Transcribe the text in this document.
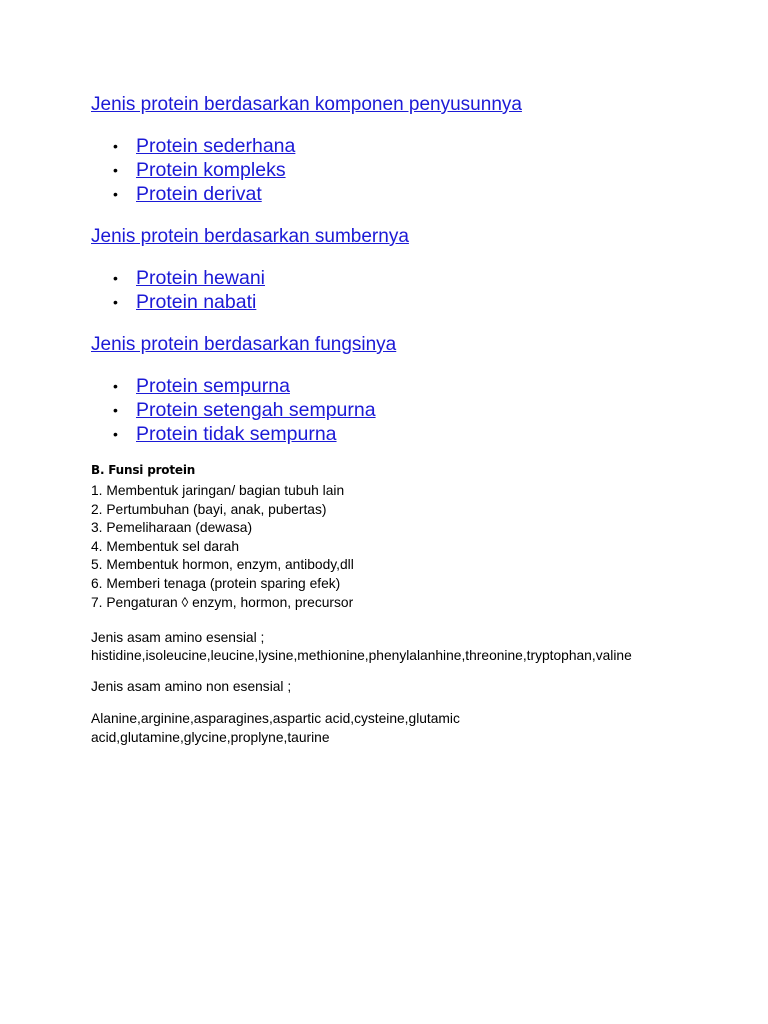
Jenis protein berdasarkan komponen penyusunnya
• Protein sederhana
• Protein kompleks
• Protein derivat
Jenis protein berdasarkan sumbernya
• Protein hewani
• Protein nabati
Jenis protein berdasarkan fungsinya
• Protein sempurna
• Protein setengah sempurna
• Protein tidak sempurna
B. Funsi protein
1. Membentuk jaringan/ bagian tubuh lain
2. Pertumbuhan (bayi, anak, pubertas)
3. Pemeliharaan (dewasa)
4. Membentuk sel darah
5. Membentuk hormon, enzym, antibody,dll
6. Memberi tenaga (protein sparing efek)
7. Pengaturan ◊ enzym, hormon, precursor

Jenis asam amino esensial ;

histidine,isoleucine,leucine,lysine,methionine,phenylalanhine,threonine,tryptophan,valine

Jenis asam amino non esensial ;

Alanine,arginine,asparagines,aspartic acid,cysteine,glutamic

acid,glutamine,glycine,proplyne,taurine
